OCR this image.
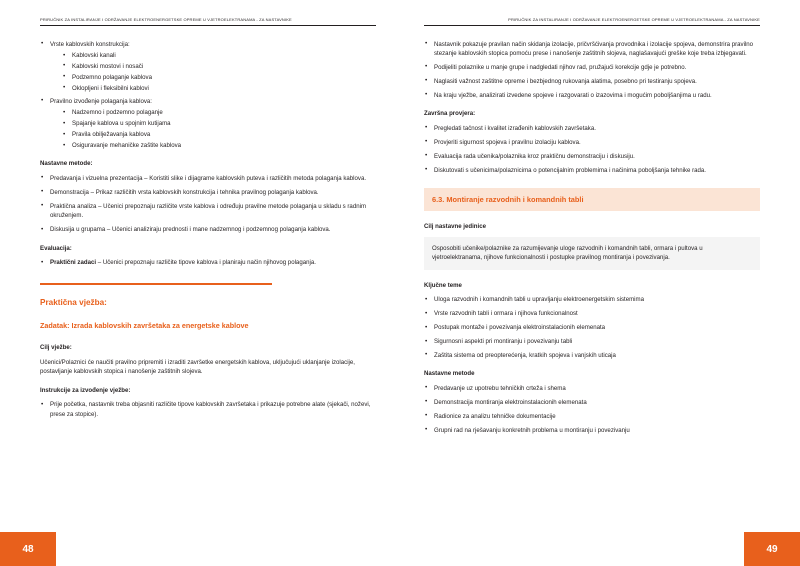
PRIRUČNIK ZA INSTALIRANJE I ODRŽAVANJE ELEKTROENERGETSKE OPREME U VJETROELEKTRANAMA - ZA NASTAVNIKE
• Vrste kablovskih konstrukcija:
• Kablovski kanali
• Kablovski mostovi i nosači
• Podzemno polaganje kablova
• Oklopljeni i fleksibilni kablovi
• Pravilno izvođenje polaganja kablova:
• Nadzemno i podzemno polaganje
• Spajanje kablova u spojnim kutijama
• Pravila obilježavanja kablova
• Osiguravanje mehaničke zaštite kablova
Nastavne metode:
• Predavanja i vizuelna prezentacija – Koristiti slike i dijagrame kablovskih puteva i različitih metoda polaganja kablova.
• Demonstracija – Prikaz različitih vrsta kablovskih konstrukcija i tehnika pravilnog polaganja kablova.
• Praktična analiza – Učenici prepoznaju različite vrste kablova i određuju pravilne metode polaganja u skladu s radnim okruženjem.
• Diskusija u grupama – Učenici analiziraju prednosti i mane nadzemnog i podzemnog polaganja kablova.
Evaluacija:
• Praktični zadaci – Učenici prepoznaju različite tipove kablova i planiraju način njihovog polaganja.
Praktična vježba:
Zadatak: Izrada kablovskih završetaka za energetske kablove
Cilj vježbe:
Učenici/Polaznici će naučiti pravilno pripremiti i izraditi završetke energetskih kablova, uključujući uklanjanje izolacije, postavljanje kablovskih stopica i nanošenje zaštitnih slojeva.
Instrukcije za izvođenje vježbe:
• Prije početka, nastavnik treba objasniti različite tipove kablovskih završetaka i prikazuje potrebne alate (sjekači, noževi, prese za stopice).
48
PRIRUČNIK ZA INSTALIRANJE I ODRŽAVANJE ELEKTROENERGETSKE OPREME U VJETROELEKTRANAMA - ZA NASTAVNIKE
• Nastavnik pokazuje pravilan način skidanja izolacije, pričvršćivanja provodnika i izolacije spojeva, demonstrira pravilno stezanje kablovskih stopica pomoću prese i nanošenje zaštitnih slojeva, naglašavajući greške koje treba izbjegavati.
• Podijeliti polaznike u manje grupe i nadgledati njihov rad, pružajući korekcije gdje je potrebno.
• Naglasiti važnost zaštitne opreme i bezbjednog rukovanja alatima, posebno pri testiranju spojeva.
• Na kraju vježbe, analizirati izvedene spojeve i razgovarati o izazovima i mogućim poboljšanjima u radu.
Završna provjera:
• Pregledati tačnost i kvalitet izrađenih kablovskih završetaka.
• Provjeriti sigurnost spojeva i pravilnu izolaciju kablova.
• Evaluacija rada učenika/polaznika kroz praktičnu demonstraciju i diskusiju.
• Diskutovati s učenicima/polaznicima o potencijalnim problemima i načinima poboljšanja tehnike rada.
6.3. Montiranje razvodnih i komandnih tabli
Cilj nastavne jedinice
Osposobiti učenike/polaznike za razumijevanje uloge razvodnih i komandnih tabli, ormara i pultova u vjetroelektranama, njihove funkcionalnosti i postupke pravilnog montiranja i povezivanja.
Ključne teme
• Uloga razvodnih i komandnih tabli u upravljanju elektroenergetskim sistemima
• Vrste razvodnih tabli i ormara i njihova funkcionalnost
• Postupak montaže i povezivanja elektroinstalacionih elemenata
• Sigurnosni aspekti pri montiranju i povezivanju tabli
• Zaštita sistema od preopterećenja, kratkih spojeva i vanjskih uticaja
Nastavne metode
• Predavanje uz upotrebu tehničkih crteža i shema
• Demonstracija montiranja elektroinstalacionih elemenata
• Radionice za analizu tehničke dokumentacije
• Grupni rad na rješavanju konkretnih problema u montiranju i povezivanju
49
